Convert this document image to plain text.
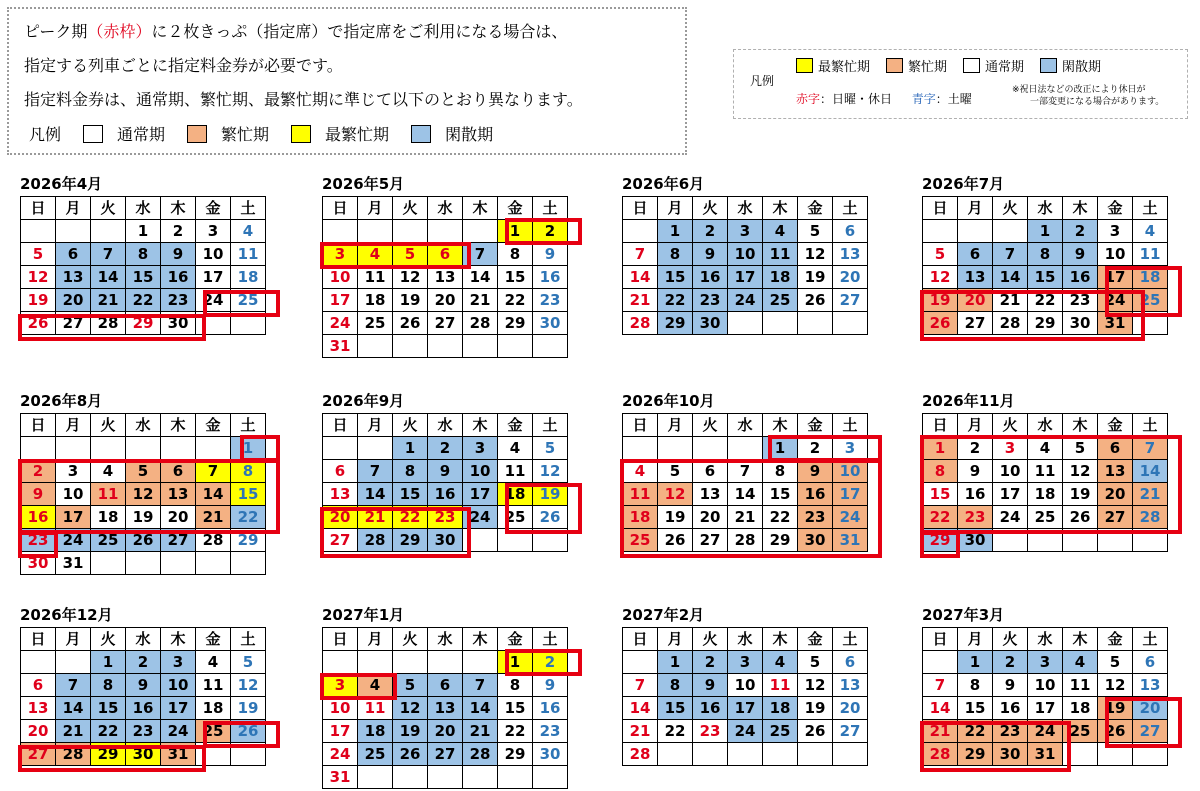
ピーク期（赤枠）に２枚きっぷ（指定席）で指定席をご利用になる場合は、
指定する列車ごとに指定料金券が必要です。
指定料金券は、通常期、繁忙期、最繁忙期に準じて以下のとおり異なります。
凡例	通常期	繁忙期	最繁忙期	閑散期
凡例
最繁忙期	繁忙期	通常期	閑散期
赤字：日曜・休日 青字：土曜
※祝日法などの改正により休日が
一部変更になる場合があります。
2026年4月
日	月	火	水	木	金	土
			1	2	3	4
5	6	7	8	9	10	11
12	13	14	15	16	17	18
19	20	21	22	23	24	25
26	27	28	29	30		
2026年5月
日	月	火	水	木	金	土
					1	2
3	4	5	6	7	8	9
10	11	12	13	14	15	16
17	18	19	20	21	22	23
24	25	26	27	28	29	30
31						
2026年6月
日	月	火	水	木	金	土
	1	2	3	4	5	6
7	8	9	10	11	12	13
14	15	16	17	18	19	20
21	22	23	24	25	26	27
28	29	30				
2026年7月
日	月	火	水	木	金	土
			1	2	3	4
5	6	7	8	9	10	11
12	13	14	15	16	17	18
19	20	21	22	23	24	25
26	27	28	29	30	31	
2026年8月
日	月	火	水	木	金	土
						1
2	3	4	5	6	7	8
9	10	11	12	13	14	15
16	17	18	19	20	21	22
23	24	25	26	27	28	29
30	31					
2026年9月
日	月	火	水	木	金	土
		1	2	3	4	5
6	7	8	9	10	11	12
13	14	15	16	17	18	19
20	21	22	23	24	25	26
27	28	29	30			
2026年10月
日	月	火	水	木	金	土
				1	2	3
4	5	6	7	8	9	10
11	12	13	14	15	16	17
18	19	20	21	22	23	24
25	26	27	28	29	30	31
2026年11月
日	月	火	水	木	金	土
1	2	3	4	5	6	7
8	9	10	11	12	13	14
15	16	17	18	19	20	21
22	23	24	25	26	27	28
29	30					
2026年12月
日	月	火	水	木	金	土
		1	2	3	4	5
6	7	8	9	10	11	12
13	14	15	16	17	18	19
20	21	22	23	24	25	26
27	28	29	30	31		
2027年1月
日	月	火	水	木	金	土
					1	2
3	4	5	6	7	8	9
10	11	12	13	14	15	16
17	18	19	20	21	22	23
24	25	26	27	28	29	30
31						
2027年2月
日	月	火	水	木	金	土
	1	2	3	4	5	6
7	8	9	10	11	12	13
14	15	16	17	18	19	20
21	22	23	24	25	26	27
28						
2027年3月
日	月	火	水	木	金	土
	1	2	3	4	5	6
7	8	9	10	11	12	13
14	15	16	17	18	19	20
21	22	23	24	25	26	27
28	29	30	31			
